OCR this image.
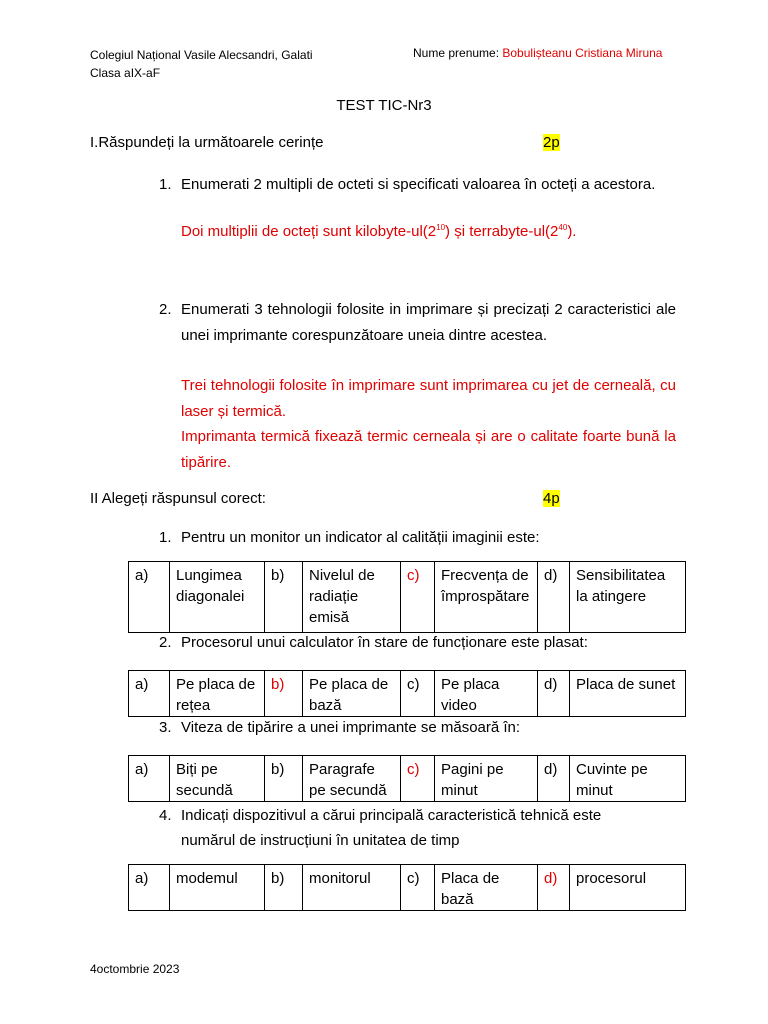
Colegiul Național Vasile Alecsandri, Galati
Clasa aIX-aF
Nume prenume: Bobulișteanu Cristiana Miruna
TEST TIC-Nr3
I.Răspundeți la următoarele cerințe	2p
1. Enumerati 2 multipli de octeti si specificati valoarea în octeți a acestora.
Doi multiplii de octeți sunt kilobyte-$ul(2^{10})$ și terrabyte-$ul(2^{40})$.
2. Enumerati 3 tehnologii folosite in imprimare și precizați 2 caracteristici ale unei imprimante corespunzătoare uneia dintre acestea.
Trei tehnologii folosite în imprimare sunt imprimarea cu jet de cerneală, cu laser și termică.
Imprimanta termică fixează termic cerneala și are o calitate foarte bună la tipărire.
II Alegeți răspunsul corect:	4p
1. Pentru un monitor un indicator al calității imaginii este:
a)	Lungimea diagonalei	b)	Nivelul de radiație emisă	c)	Frecvența de împrospătare	d)	Sensibilitatea la atingere
2. Procesorul unui calculator în stare de funcționare este plasat:
a)	Pe placa de rețea	b)	Pe placa de bază	c)	Pe placa video	d)	Placa de sunet
3. Viteza de tipărire a unei imprimante se măsoară în:
a)	Biți pe secundă	b)	Paragrafe pe secundă	c)	Pagini pe minut	d)	Cuvinte pe minut
4. Indicați dispozitivul a cărui principală caracteristică tehnică este numărul de instrucțiuni în unitatea de timp
a)	modemul	b)	monitorul	c)	Placa de bază	d)	procesorul
4octombrie 2023
